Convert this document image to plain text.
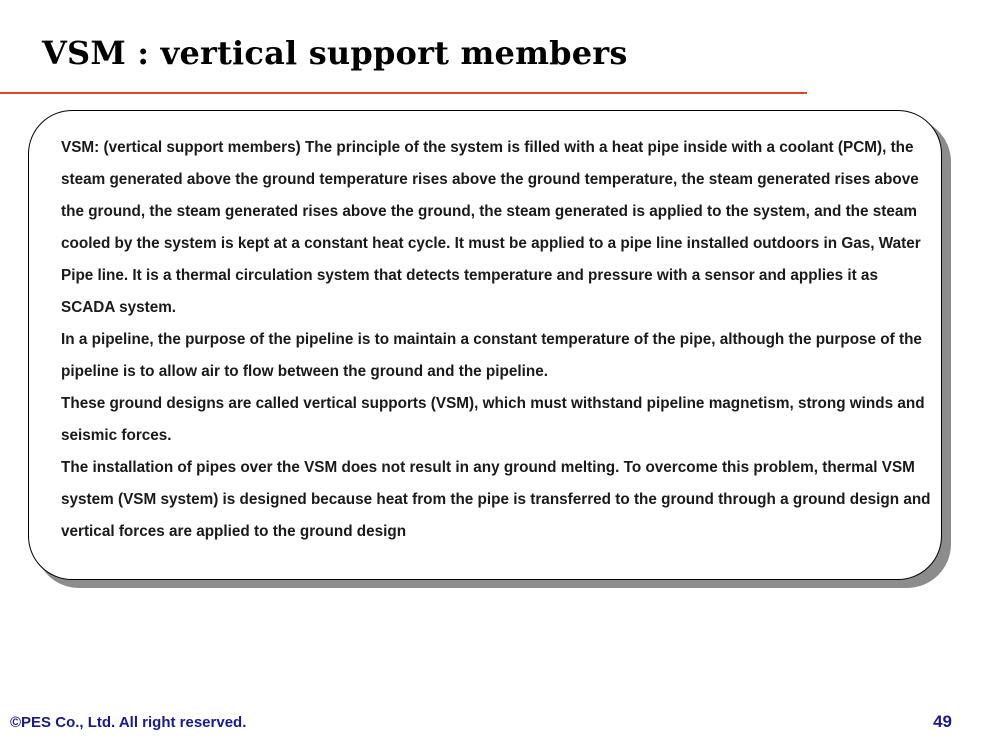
VSM : vertical support members

VSM: (vertical support members) The principle of the system is filled with a heat pipe inside with a coolant (PCM), the steam generated above the ground temperature rises above the ground temperature, the steam generated rises above the ground, the steam generated rises above the ground, the steam generated is applied to the system, and the steam cooled by the system is kept at a constant heat cycle. It must be applied to a pipe line installed outdoors in Gas, Water Pipe line. It is a thermal circulation system that detects temperature and pressure with a sensor and applies it as SCADA system.

In a pipeline, the purpose of the pipeline is to maintain a constant temperature of the pipe, although the purpose of the pipeline is to allow air to flow between the ground and the pipeline.

These ground designs are called vertical supports (VSM), which must withstand pipeline magnetism, strong winds and seismic forces.

The installation of pipes over the VSM does not result in any ground melting. To overcome this problem, thermal VSM system (VSM system) is designed because heat from the pipe is transferred to the ground through a ground design and vertical forces are applied to the ground design

©PES Co., Ltd. All right reserved.	49
